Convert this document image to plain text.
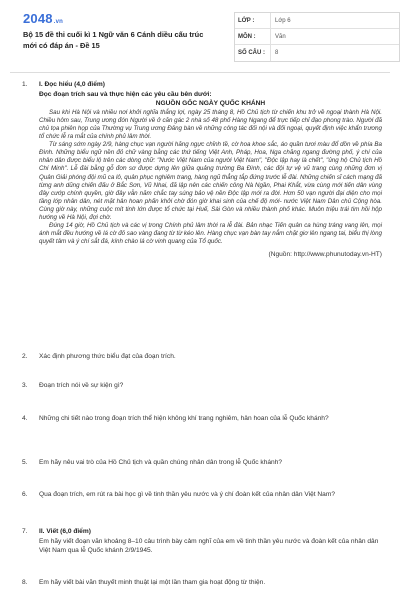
2048.vn
Bộ 15 đề thi cuối kì 1 Ngữ văn 6 Cánh diều cấu trúc mới có đáp án - Đề 15
LỚP :	Lớp 6
MÔN :	Văn
SỐ CÂU :	8
1. I. Đọc hiểu (4,0 điểm)
Đọc đoạn trích sau và thực hiện các yêu cầu bên dưới:
NGUỒN GỐC NGÀY QUỐC KHÁNH

Sau khi Hà Nội và nhiều nơi khởi nghĩa thắng lợi, ngày 25 tháng 8, Hồ Chủ tịch từ chiến khu trở về ngoại thành Hà Nội. Chiều hôm sau, Trung ương đón Người về ở căn gác 2 nhà số 48 phố Hàng Ngang để trực tiếp chỉ đạo phong trào. Người đã chủ tọa phiên họp của Thường vụ Trung ương Đảng bàn về những công tác đối nội và đối ngoại, quyết định việc khẩn trương tổ chức lễ ra mắt của chính phủ lâm thời.

Từ sáng sớm ngày 2/9, hàng chục vạn người hăng ngực chỉnh tề, cờ hoa khoe sắc, áo quần tươi màu đổ dồn về phía Ba Đình. Những biểu ngữ nền đỏ chữ vàng bằng các thứ tiếng Việt Anh, Pháp, Hoa, Nga chăng ngang đường phố, ý chí của nhân dân được biểu lộ trên các dòng chữ: "Nước Việt Nam của người Việt Nam", "Độc lập hay là chết", "ủng hộ Chủ tịch Hồ Chí Minh". Lễ đài bằng gỗ đơn sơ được dựng lên giữa quảng trường Ba Đình, các đội tự vệ vũ trang cùng những đơn vị Quân Giải phóng đội mũ ca lô, quân phục nghiêm trang, hàng ngũ thẳng tắp đứng trước lễ đài. Những chiến sĩ cách mạng đã từng anh dũng chiến đấu ở Bắc Sơn, Vũ Nhai, đã lập nên các chiến công Nà Ngần, Phai Khắt, vừa cùng mới tiến dân vùng đây cướp chính quyền, giờ đây vẫn năm chắc tay súng bảo vệ nền Độc lập mới ra đời. Hơn 50 vạn người đại diện cho mọi tầng lớp nhân dân, nét mặt hân hoan phấn khởi chờ đón giờ khai sinh của chế độ mới- nước Việt Nam Dân chủ Cộng hòa. Cùng giờ này, những cuộc mít tinh lớn được tổ chức tại Huế, Sài Gòn và nhiều thành phố khác. Muôn triệu trái tim hồi hộp hướng về Hà Nội, đợi chờ.

Đúng 14 giờ, Hồ Chủ tịch và các vị trong Chính phủ lâm thời ra lễ đài. Bản nhạc Tiến quân ca hùng tráng vang lên, mọi ánh mắt đều hướng về lá cờ đỏ sao vàng đang từ từ kéo lên. Hàng chục vạn bàn tay nắm chặt giơ lên ngang tai, biểu thị lòng quyết tâm và ý chí sắt đá, kính chào lá cờ vinh quang của Tổ quốc.

(Nguồn: http://www.phunutoday.vn-HT)
2. Xác định phương thức biểu đạt của đoạn trích.
3. Đoạn trích nói về sự kiện gì?
4. Những chi tiết nào trong đoạn trích thể hiện không khí trang nghiêm, hân hoan của lễ Quốc khánh?
5. Em hãy nêu vai trò của Hồ Chủ tịch và quần chúng nhân dân trong lễ Quốc khánh?
6. Qua đoạn trích, em rút ra bài học gì về tinh thần yêu nước và ý chí đoàn kết của nhân dân Việt Nam?
7. II. Viết (6,0 điểm)
Em hãy viết đoạn văn khoảng 8–10 câu trình bày cảm nghĩ của em về tinh thần yêu nước và đoàn kết của nhân dân Việt Nam qua lễ Quốc khánh 2/9/1945.
8. Em hãy viết bài văn thuyết minh thuật lại một lần tham gia hoạt động từ thiện.
